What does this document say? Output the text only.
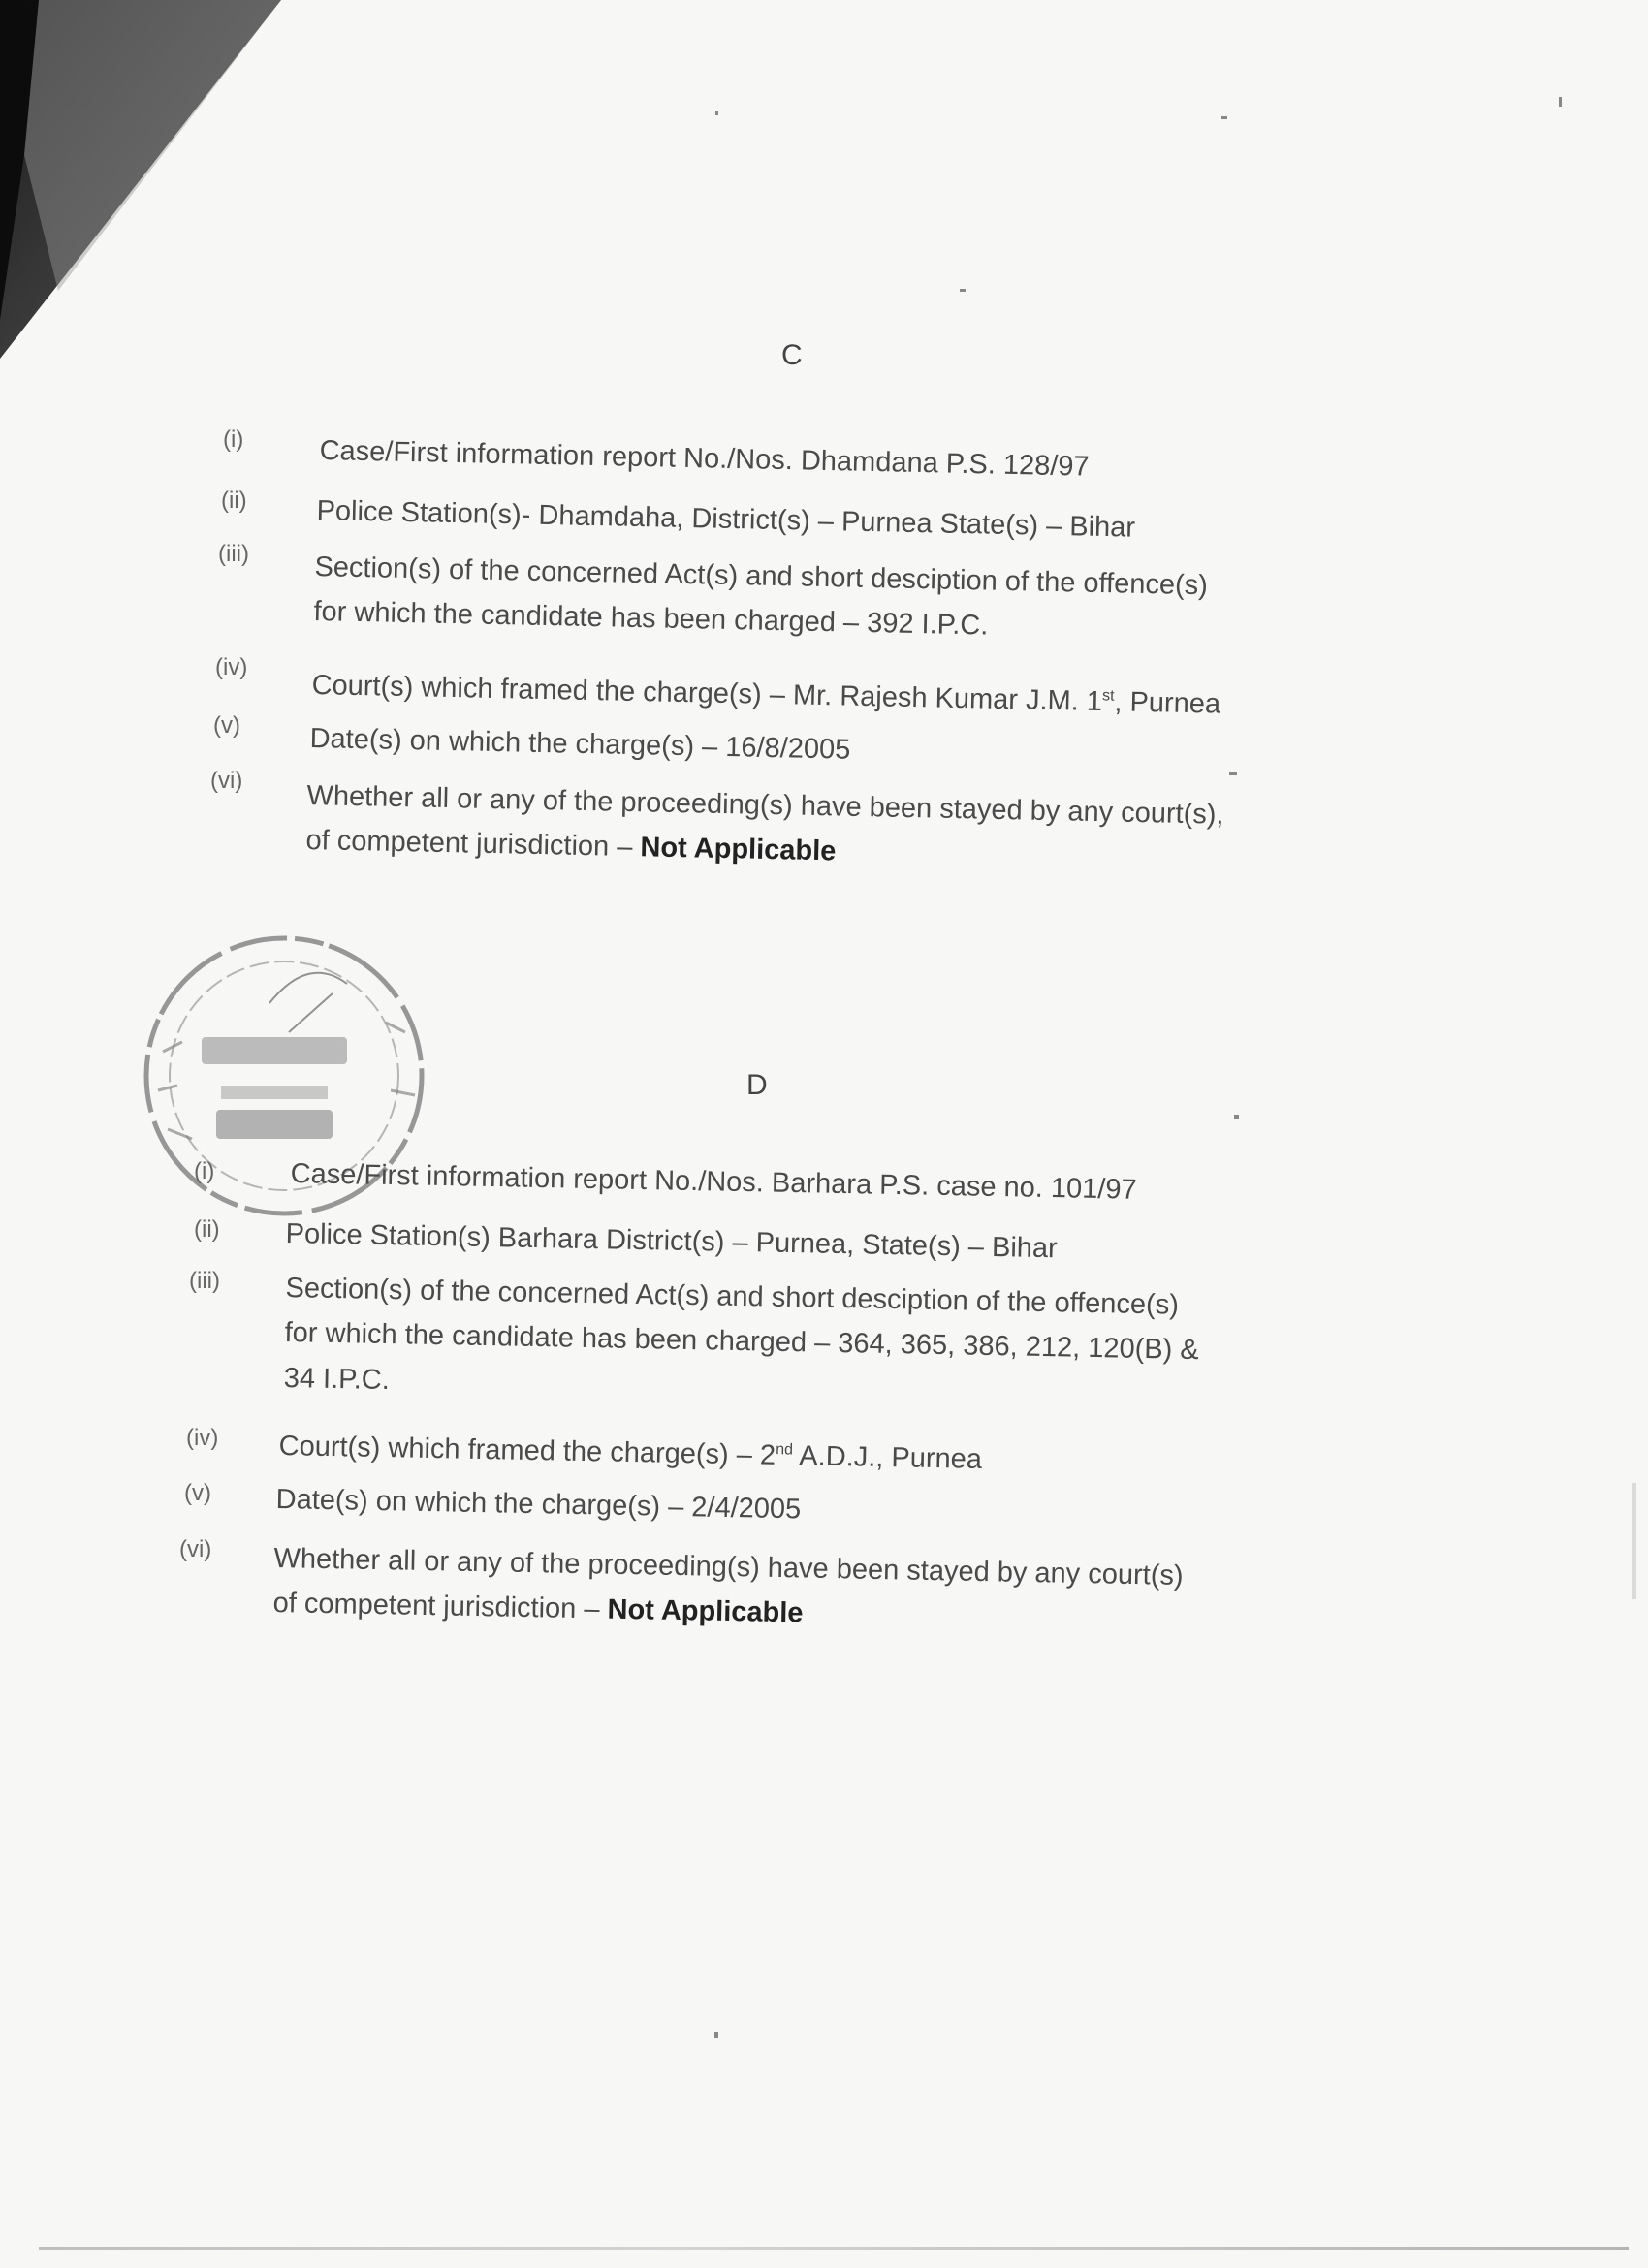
C
(i)	Case/First information report No./Nos. Dhamdana P.S. 128/97
(ii) Police Station(s)- Dhamdaha, District(s) – Purnea State(s) – Bihar
(iii) Section(s) of the concerned Act(s) and short desciption of the offence(s)
for which the candidate has been charged – 392 I.P.C.
(iv)
Court(s) which framed the charge(s) – Mr. Rajesh Kumar J.M. 1st, Purnea
(v) Date(s) on which the charge(s) – 16/8/2005
(vi) Whether all or any of the proceeding(s) have been stayed by any court(s),
of competent jurisdiction – Not Applicable
D
(i)	Case/First information report No./Nos. Barhara P.S. case no. 101/97
(ii) Police Station(s) Barhara District(s) – Purnea, State(s) – Bihar
(iii) Section(s) of the concerned Act(s) and short desciption of the offence(s)
for which the candidate has been charged – 364, 365, 386, 212, 120(B) &
34 I.P.C.
(iv) Court(s) which framed the charge(s) – 2nd A.D.J., Purnea
(v) Date(s) on which the charge(s) – 2/4/2005
(vi) Whether all or any of the proceeding(s) have been stayed by any court(s)
of competent jurisdiction – Not Applicable
